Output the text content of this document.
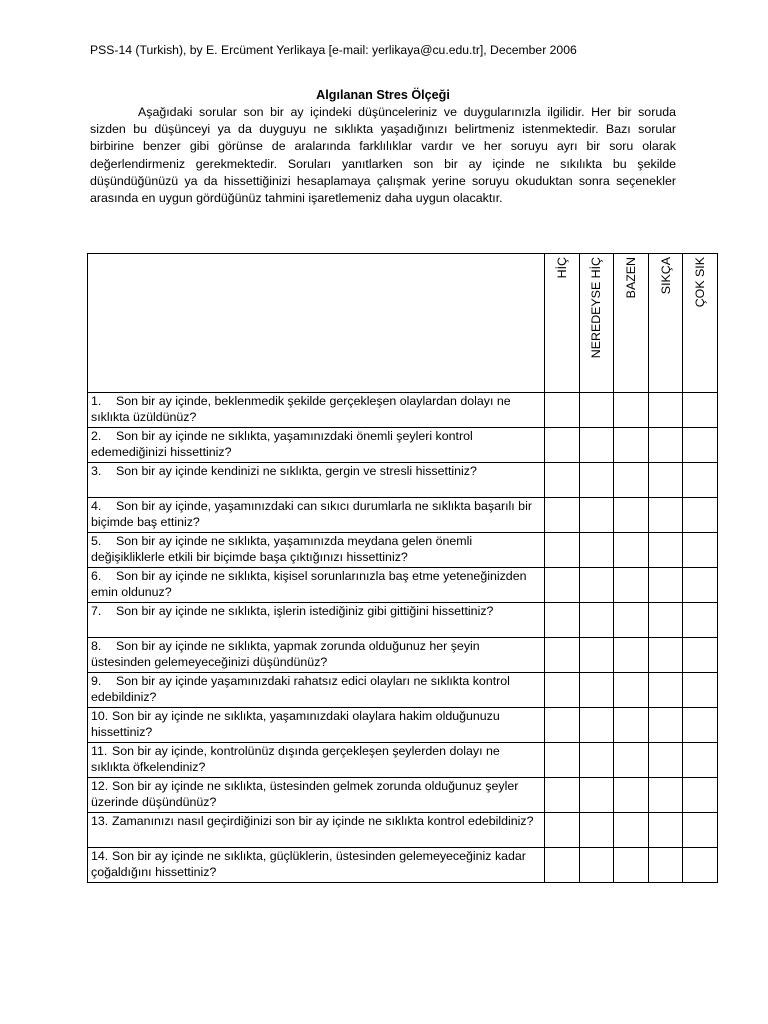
PSS-14 (Turkish), by E. Ercüment Yerlikaya [e-mail: yerlikaya@cu.edu.tr], December 2006
Algılanan Stres Ölçeği

Aşağıdaki sorular son bir ay içindeki düşünceleriniz ve duygularınızla ilgilidir. Her bir soruda sizden bu düşünceyi ya da duyguyu ne sıklıkta yaşadığınızı belirtmeniz istenmektedir. Bazı sorular birbirine benzer gibi görünse de aralarında farklılıklar vardır ve her soruyu ayrı bir soru olarak değerlendirmeniz gerekmektedir. Soruları yanıtlarken son bir ay içinde ne sıkılıkta bu şekilde düşündüğünüzü ya da hissettiğinizi hesaplamaya çalışmak yerine soruyu okuduktan sonra seçenekler arasında en uygun gördüğünüz tahmini işaretlemeniz daha uygun olacaktır.

	HİÇ	NEREDEYSE HİÇ	BAZEN	SIKÇA	ÇOK SIK

1. Son bir ay içinde, beklenmedik şekilde gerçekleşen olaylardan dolayı ne sıklıkta üzüldünüz?					
2. Son bir ay içinde ne sıklıkta, yaşamınızdaki önemli şeyleri kontrol edemediğinizi hissettiniz?					
3. Son bir ay içinde kendinizi ne sıklıkta, gergin ve stresli hissettiniz?					
4. Son bir ay içinde, yaşamınızdaki can sıkıcı durumlarla ne sıklıkta başarılı bir biçimde baş ettiniz?					
5. Son bir ay içinde ne sıklıkta, yaşamınızda meydana gelen önemli değişikliklerle etkili bir biçimde başa çıktığınızı hissettiniz?					
6. Son bir ay içinde ne sıklıkta, kişisel sorunlarınızla baş etme yeteneğinizden emin oldunuz?					
7. Son bir ay içinde ne sıklıkta, işlerin istediğiniz gibi gittiğini hissettiniz?					
8. Son bir ay içinde ne sıklıkta, yapmak zorunda olduğunuz her şeyin üstesinden gelemeyeceğinizi düşündünüz?					
9. Son bir ay içinde yaşamınızdaki rahatsız edici olayları ne sıklıkta kontrol edebildiniz?					
10. Son bir ay içinde ne sıklıkta, yaşamınızdaki olaylara hakim olduğunuzu hissettiniz?					
11. Son bir ay içinde, kontrolünüz dışında gerçekleşen şeylerden dolayı ne sıklıkta öfkelendiniz?					
12. Son bir ay içinde ne sıklıkta, üstesinden gelmek zorunda olduğunuz şeyler üzerinde düşündünüz?					
13. Zamanınızı nasıl geçirdiğinizi son bir ay içinde ne sıklıkta kontrol edebildiniz?					
14. Son bir ay içinde ne sıklıkta, güçlüklerin, üstesinden gelemeyeceğiniz kadar çoğaldığını hissettiniz?					
